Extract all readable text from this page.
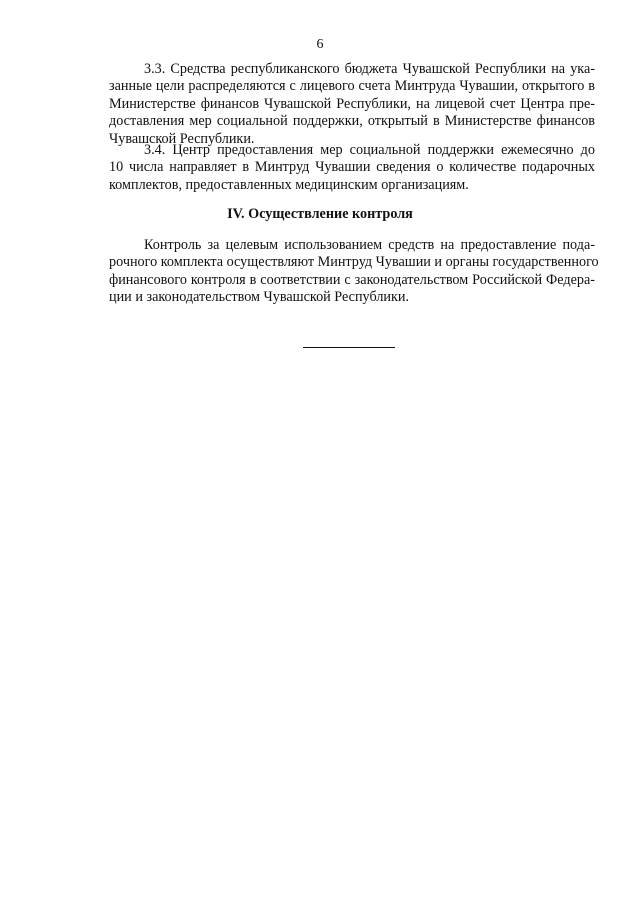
6
3.3. Средства республиканского бюджета Чувашской Республики на ука-
занные цели распределяются с лицевого счета Минтруда Чувашии, открытого в
Министерстве финансов Чувашской Республики, на лицевой счет Центра пре-
доставления мер социальной поддержки, открытый в Министерстве финансов
Чувашской Республики.
3.4. Центр предоставления мер социальной поддержки ежемесячно до
10 числа направляет в Минтруд Чувашии сведения о количестве подарочных
комплектов, предоставленных медицинским организациям.
IV. Осуществление контроля
Контроль за целевым использованием средств на предоставление пода-
рочного комплекта осуществляют Минтруд Чувашии и органы государственного
финансового контроля в соответствии с законодательством Российской Федера-
ции и законодательством Чувашской Республики.
